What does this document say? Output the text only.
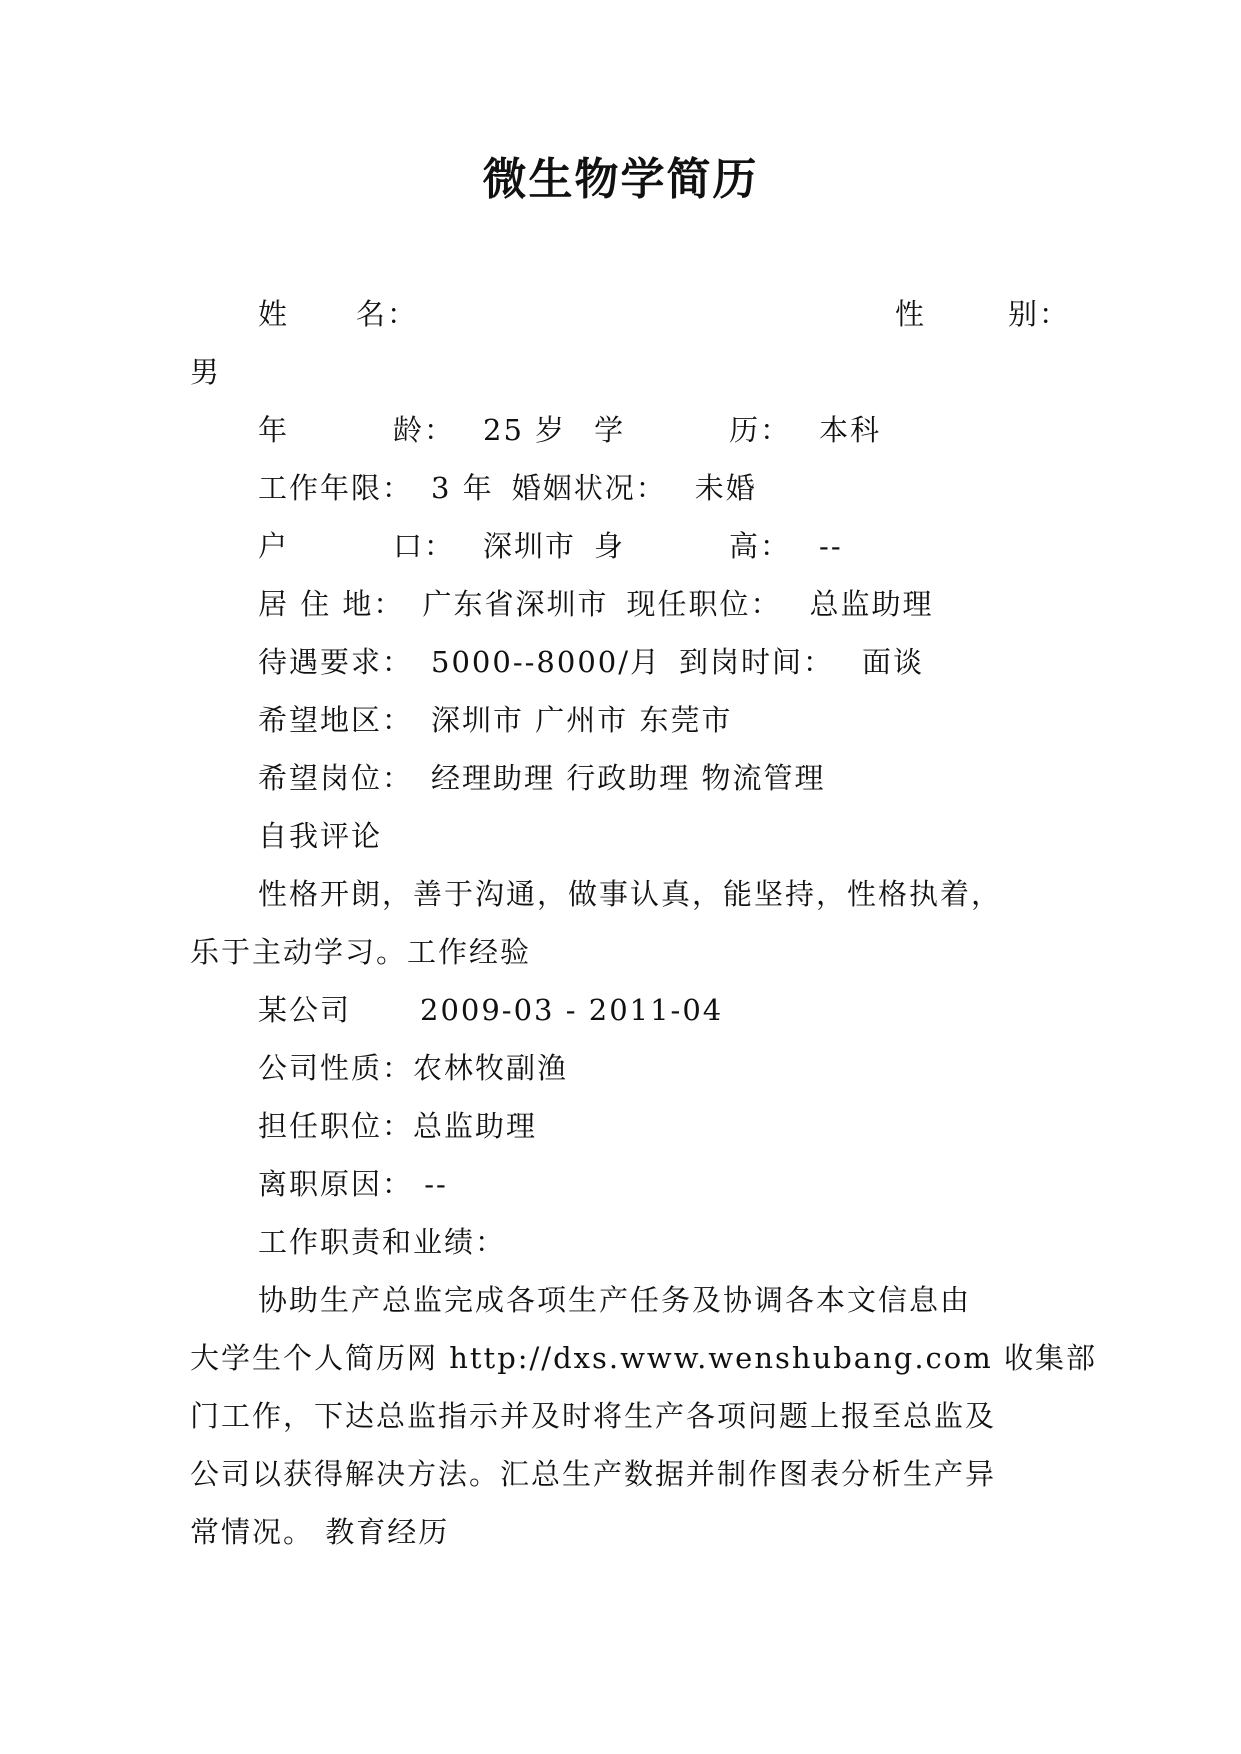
微生物学简历
姓 名：	性	别：
男
年	龄： 25 岁 学	历： 本科
工作年限： 3 年 婚姻状况： 未婚
户	口： 深圳市 身	高： --
居 住 地： 广东省深圳市 现任职位： 总监助理
待遇要求： 5000--8000/月 到岗时间： 面谈
希望地区： 深圳市 广州市 东莞市
希望岗位： 经理助理 行政助理 物流管理
自我评论
性格开朗，善于沟通，做事认真，能坚持，性格执着，
乐于主动学习。工作经验
某公司 2009-03 - 2011-04
公司性质：农林牧副渔
担任职位：总监助理
离职原因： --
工作职责和业绩：
协助生产总监完成各项生产任务及协调各本文信息由
大学生个人简历网 http://dxs.www.wenshubang.com 收集部
门工作，下达总监指示并及时将生产各项问题上报至总监及
公司以获得解决方法。汇总生产数据并制作图表分析生产异
常情况。 教育经历
